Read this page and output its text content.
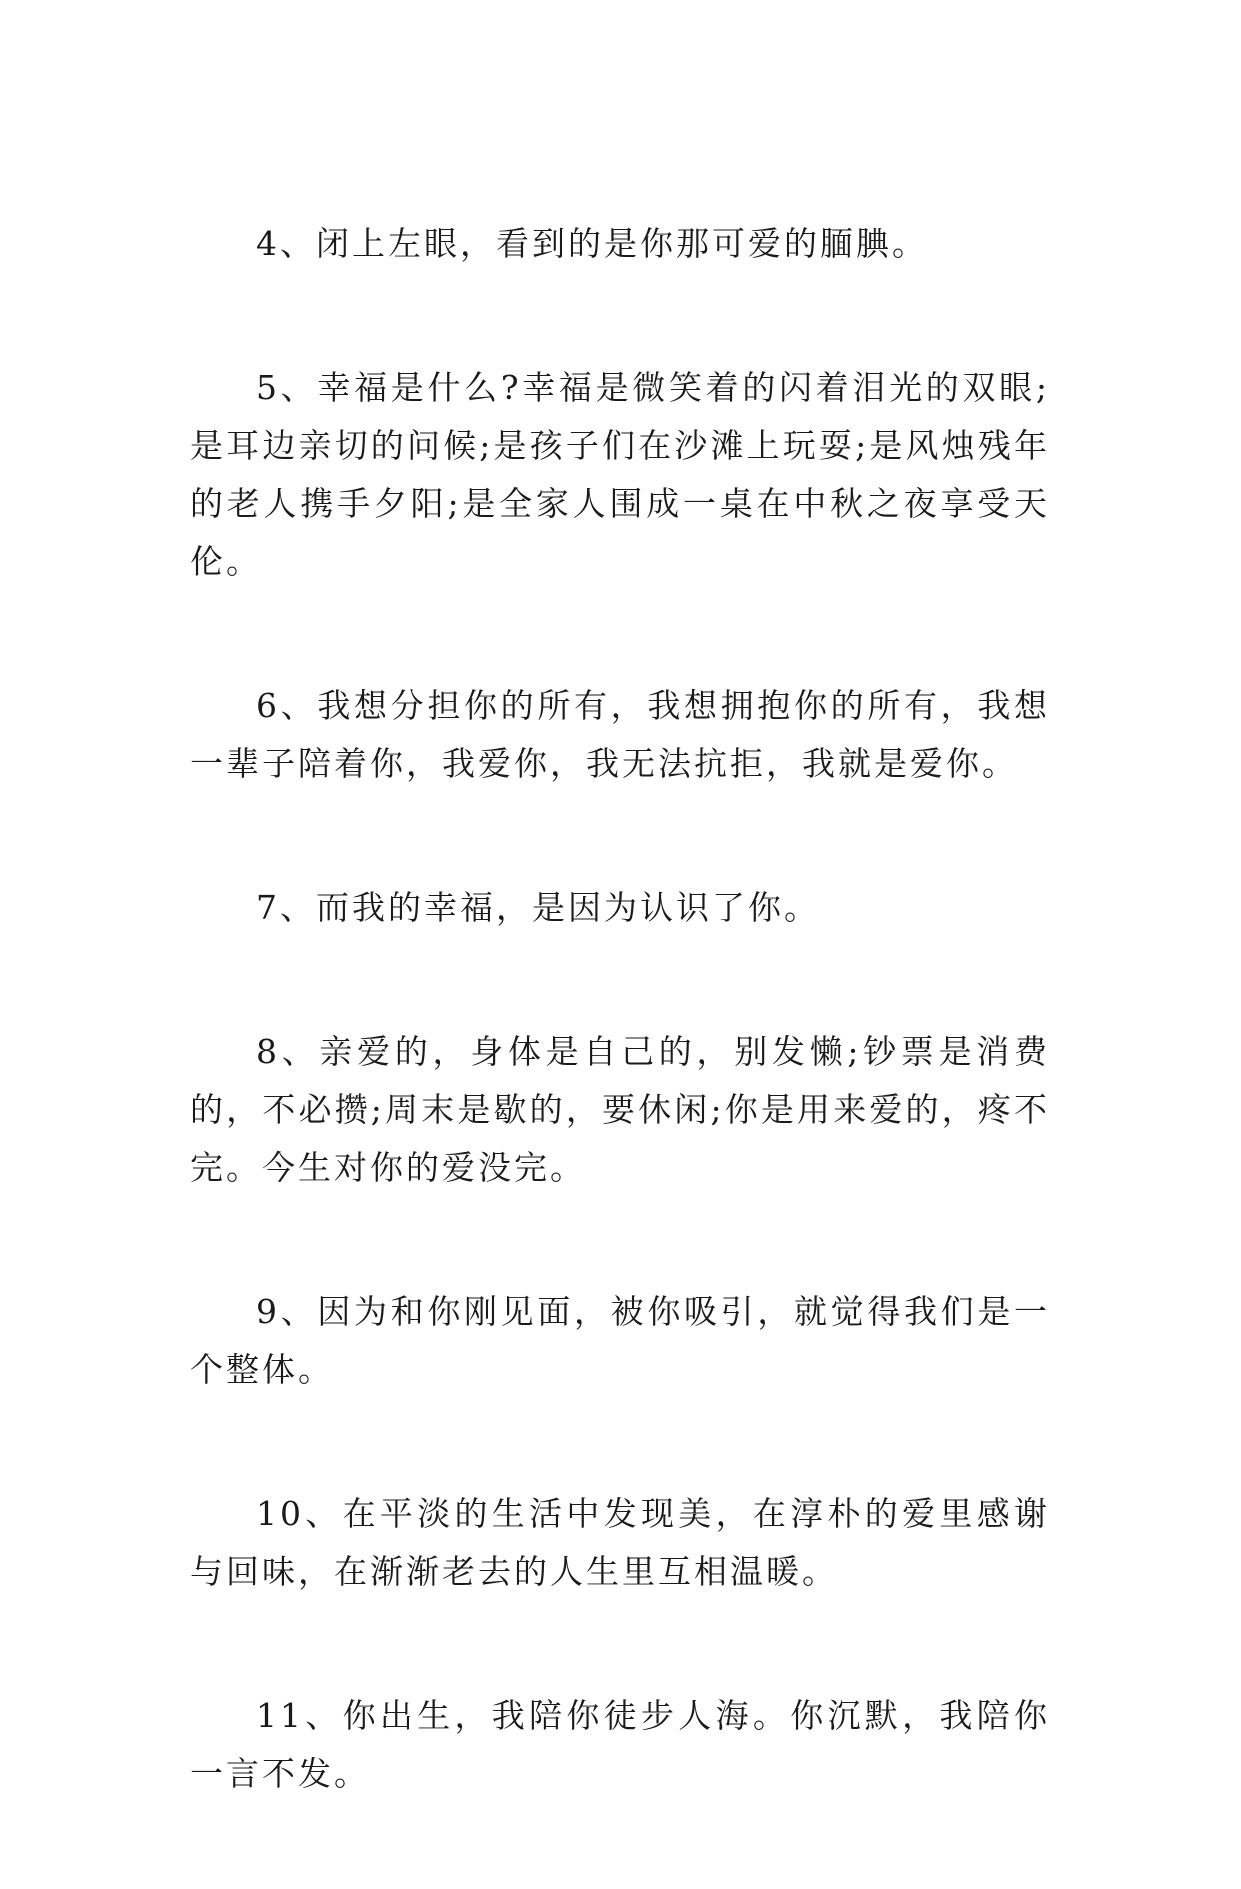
4、闭上左眼，看到的是你那可爱的腼腆。

5、幸福是什么?幸福是微笑着的闪着泪光的双眼;是耳边亲切的问候;是孩子们在沙滩上玩耍;是风烛残年的老人携手夕阳;是全家人围成一桌在中秋之夜享受天伦。

6、我想分担你的所有，我想拥抱你的所有，我想一辈子陪着你，我爱你，我无法抗拒，我就是爱你。

7、而我的幸福，是因为认识了你。

8、亲爱的，身体是自己的，别发懒;钞票是消费的，不必攒;周末是歇的，要休闲;你是用来爱的，疼不完。今生对你的爱没完。

9、因为和你刚见面，被你吸引，就觉得我们是一个整体。

10、在平淡的生活中发现美，在淳朴的爱里感谢与回味，在渐渐老去的人生里互相温暖。

11、你出生，我陪你徒步人海。你沉默，我陪你一言不发。
